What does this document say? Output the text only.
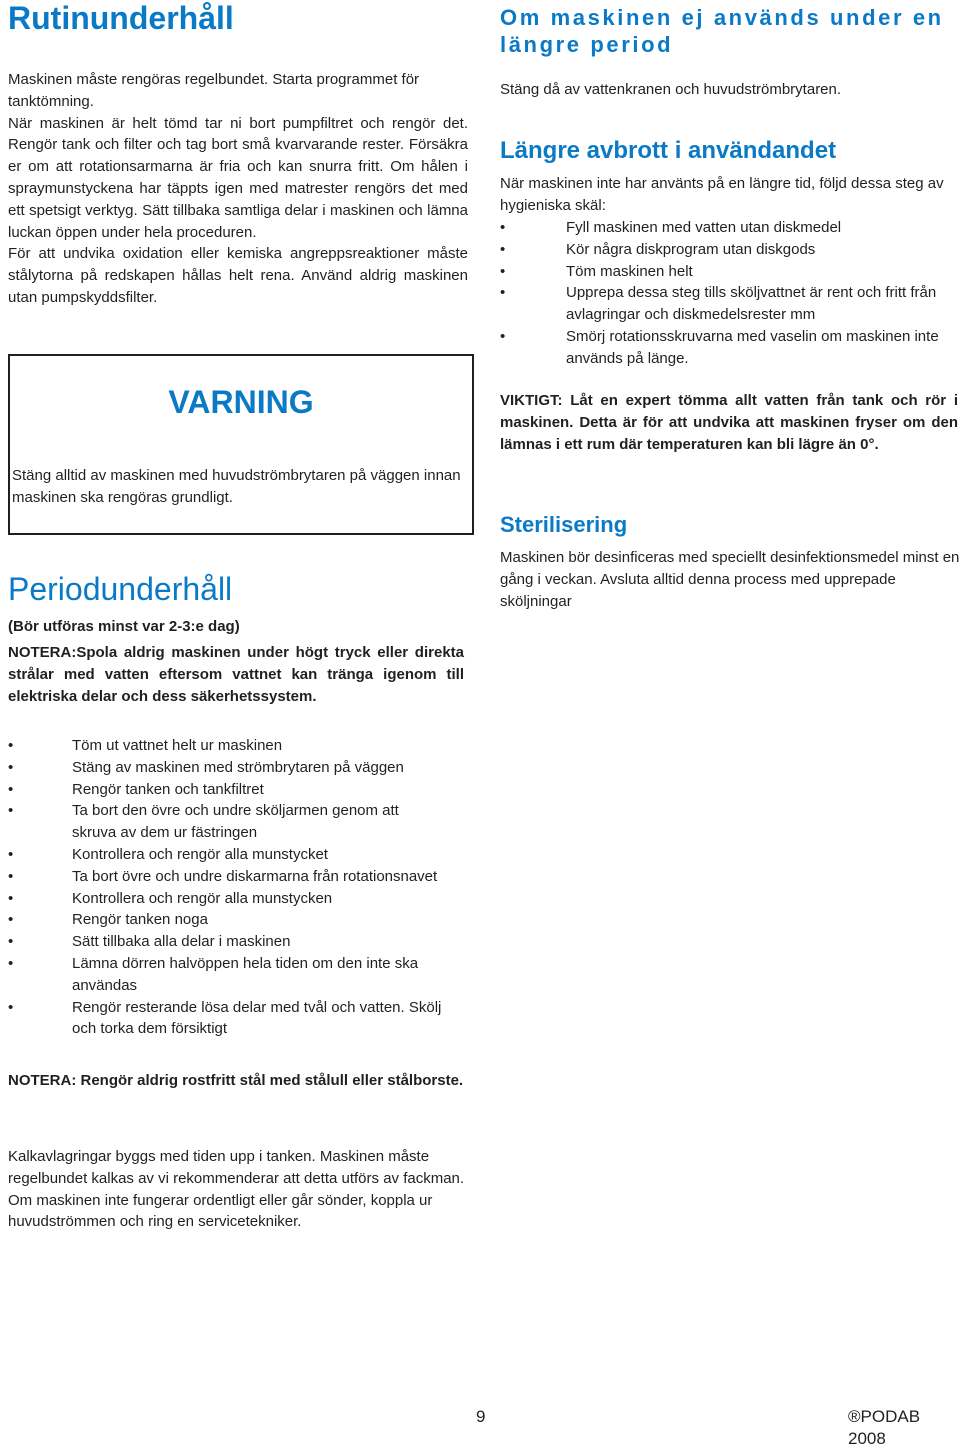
Rutinunderhåll

Maskinen måste rengöras regelbundet. Starta programmet för tanktömning.

När maskinen är helt tömd tar ni bort pumpfiltret och rengör det. Rengör tank och filter och tag bort små kvarvarande rester. Försäkra er om att rotationsarmarna är fria och kan snurra fritt. Om hålen i spraymunstyckena har täppts igen med matrester rengörs det med ett spetsigt verktyg. Sätt tillbaka samtliga delar i maskinen och lämna luckan öppen under hela proceduren.

För att undvika oxidation eller kemiska angreppsreaktioner måste stålytorna på redskapen hållas helt rena. Använd aldrig maskinen utan pumpskyddsfilter.

VARNING

Stäng alltid av maskinen med huvudströmbrytaren på väggen innan maskinen ska rengöras grundligt.

Periodunderhåll

(Bör utföras minst var 2-3:e dag)

NOTERA:Spola aldrig maskinen under högt tryck eller direkta strålar med vatten eftersom vattnet kan tränga igenom till elektriska delar och dess säkerhetssystem.

•	Töm ut vattnet helt ur maskinen
•	Stäng av maskinen med strömbrytaren på väggen
•	Rengör tanken och tankfiltret
•	Ta bort den övre och undre sköljarmen genom att skruva av dem ur fästringen
•	Kontrollera och rengör alla munstycket
•	Ta bort övre och undre diskarmarna från rotationsnavet
•	Kontrollera och rengör alla munstycken
•	Rengör tanken noga
•	Sätt tillbaka alla delar i maskinen
•	Lämna dörren halvöppen hela tiden om den inte ska användas
•	Rengör resterande lösa delar med tvål och vatten. Skölj och torka dem försiktigt

NOTERA: Rengör aldrig rostfritt stål med stålull eller stålborste.

Kalkavlagringar byggs med tiden upp i tanken. Maskinen måste regelbundet kalkas av vi rekommenderar att detta utförs av fackman.

Om maskinen inte fungerar ordentligt eller går sönder, koppla ur huvudströmmen och ring en servicetekniker.

Om maskinen ej används under en längre period

Stäng då av vattenkranen och huvudströmbrytaren.

Längre avbrott i användandet

När maskinen inte har använts på en längre tid, följd dessa steg av hygieniska skäl:

•	Fyll maskinen med vatten utan diskmedel
•	Kör några diskprogram utan diskgods
•	Töm maskinen helt
•	Upprepa dessa steg tills sköljvattnet är rent och fritt från avlagringar och diskmedelsrester mm
•	Smörj rotationsskruvarna med vaselin om maskinen inte används på länge.

VIKTIGT: Låt en expert tömma allt vatten från tank och rör i maskinen. Detta är för att undvika att maskinen fryser om den lämnas i ett rum där temperaturen kan bli lägre än 0°.

Sterilisering

Maskinen bör desinficeras med speciellt desinfektionsmedel minst en gång i veckan. Avsluta alltid denna process med upprepade sköljningar

9	®PODAB 2008
